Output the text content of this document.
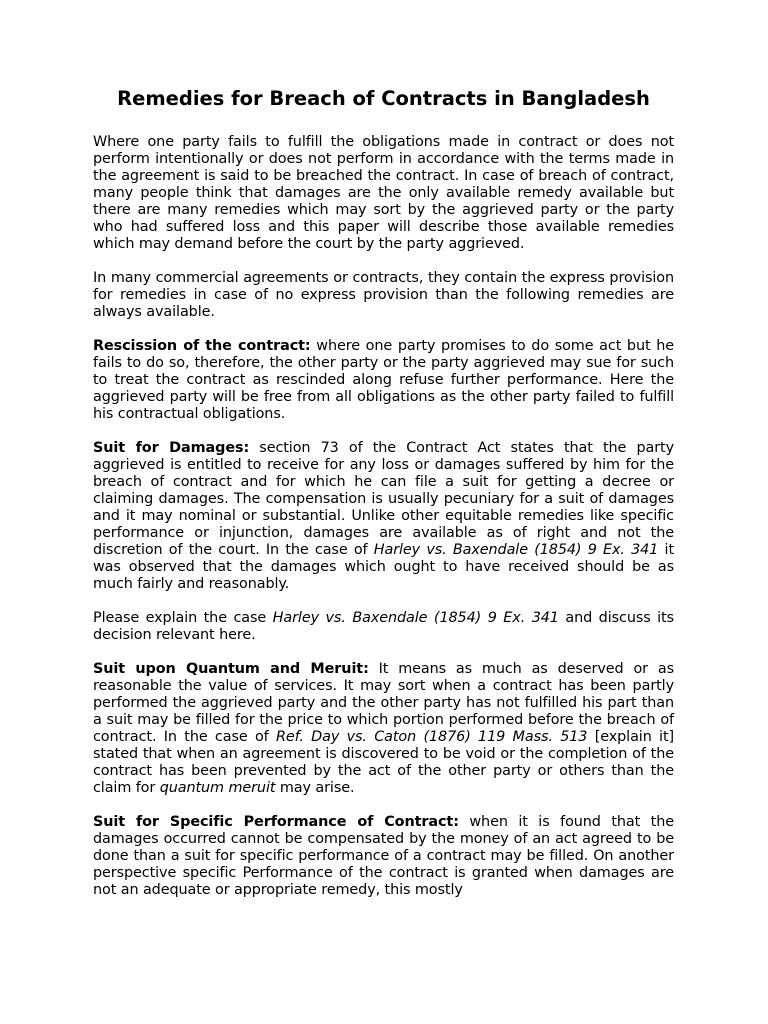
Remedies for Breach of Contracts in Bangladesh

Where one party fails to fulfill the obligations made in contract or does not perform intentionally or does not perform in accordance with the terms made in the agreement is said to be breached the contract. In case of breach of contract, many people think that damages are the only available remedy available but there are many remedies which may sort by the aggrieved party or the party who had suffered loss and this paper will describe those available remedies which may demand before the court by the party aggrieved.

In many commercial agreements or contracts, they contain the express provision for remedies in case of no express provision than the following remedies are always available.

Rescission of the contract: where one party promises to do some act but he fails to do so, therefore, the other party or the party aggrieved may sue for such to treat the contract as rescinded along refuse further performance. Here the aggrieved party will be free from all obligations as the other party failed to fulfill his contractual obligations.

Suit for Damages: section 73 of the Contract Act states that the party aggrieved is entitled to receive for any loss or damages suffered by him for the breach of contract and for which he can file a suit for getting a decree or claiming damages. The compensation is usually pecuniary for a suit of damages and it may nominal or substantial. Unlike other equitable remedies like specific performance or injunction, damages are available as of right and not the discretion of the court. In the case of Harley vs. Baxendale (1854) 9 Ex. 341 it was observed that the damages which ought to have received should be as much fairly and reasonably.

Please explain the case Harley vs. Baxendale (1854) 9 Ex. 341 and discuss its decision relevant here.

Suit upon Quantum and Meruit: It means as much as deserved or as reasonable the value of services. It may sort when a contract has been partly performed the aggrieved party and the other party has not fulfilled his part than a suit may be filled for the price to which portion performed before the breach of contract. In the case of Ref. Day vs. Caton (1876) 119 Mass. 513 [explain it] stated that when an agreement is discovered to be void or the completion of the contract has been prevented by the act of the other party or others than the claim for quantum meruit may arise.

Suit for Specific Performance of Contract: when it is found that the damages occurred cannot be compensated by the money of an act agreed to be done than a suit for specific performance of a contract may be filled. On another perspective specific Performance of the contract is granted when damages are not an adequate or appropriate remedy, this mostly
